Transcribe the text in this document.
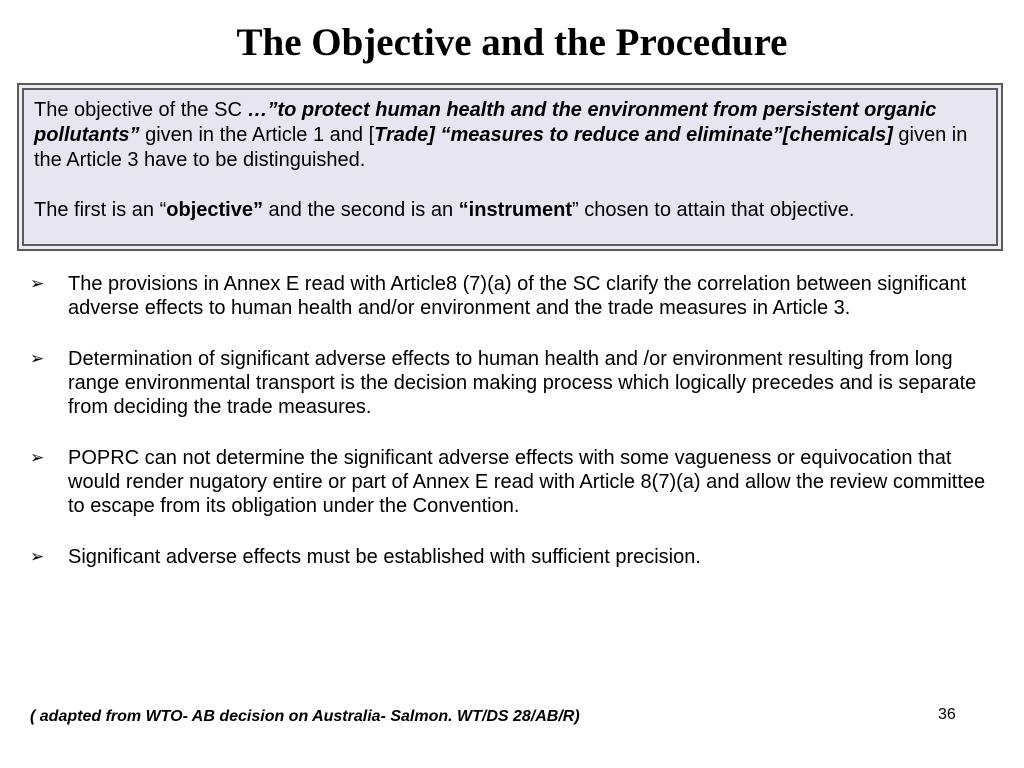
The Objective and the Procedure

The objective of the SC …”to protect human health and the environment from persistent organic pollutants” given in the Article 1 and [Trade] “measures to reduce and eliminate”[chemicals] given in the Article 3 have to be distinguished.

The first is an “objective” and the second is an “instrument” chosen to attain that objective.

➢ The provisions in Annex E read with Article8 (7)(a) of the SC clarify the correlation between significant adverse effects to human health and/or environment and the trade measures in Article 3.
➢ Determination of significant adverse effects to human health and /or environment resulting from long range environmental transport is the decision making process which logically precedes and is separate from deciding the trade measures.
➢ POPRC can not determine the significant adverse effects with some vagueness or equivocation that would render nugatory entire or part of Annex E read with Article 8(7)(a) and allow the review committee to escape from its obligation under the Convention.
➢ Significant adverse effects must be established with sufficient precision.
( adapted from WTO- AB decision on Australia- Salmon. WT/DS 28/AB/R)	36
